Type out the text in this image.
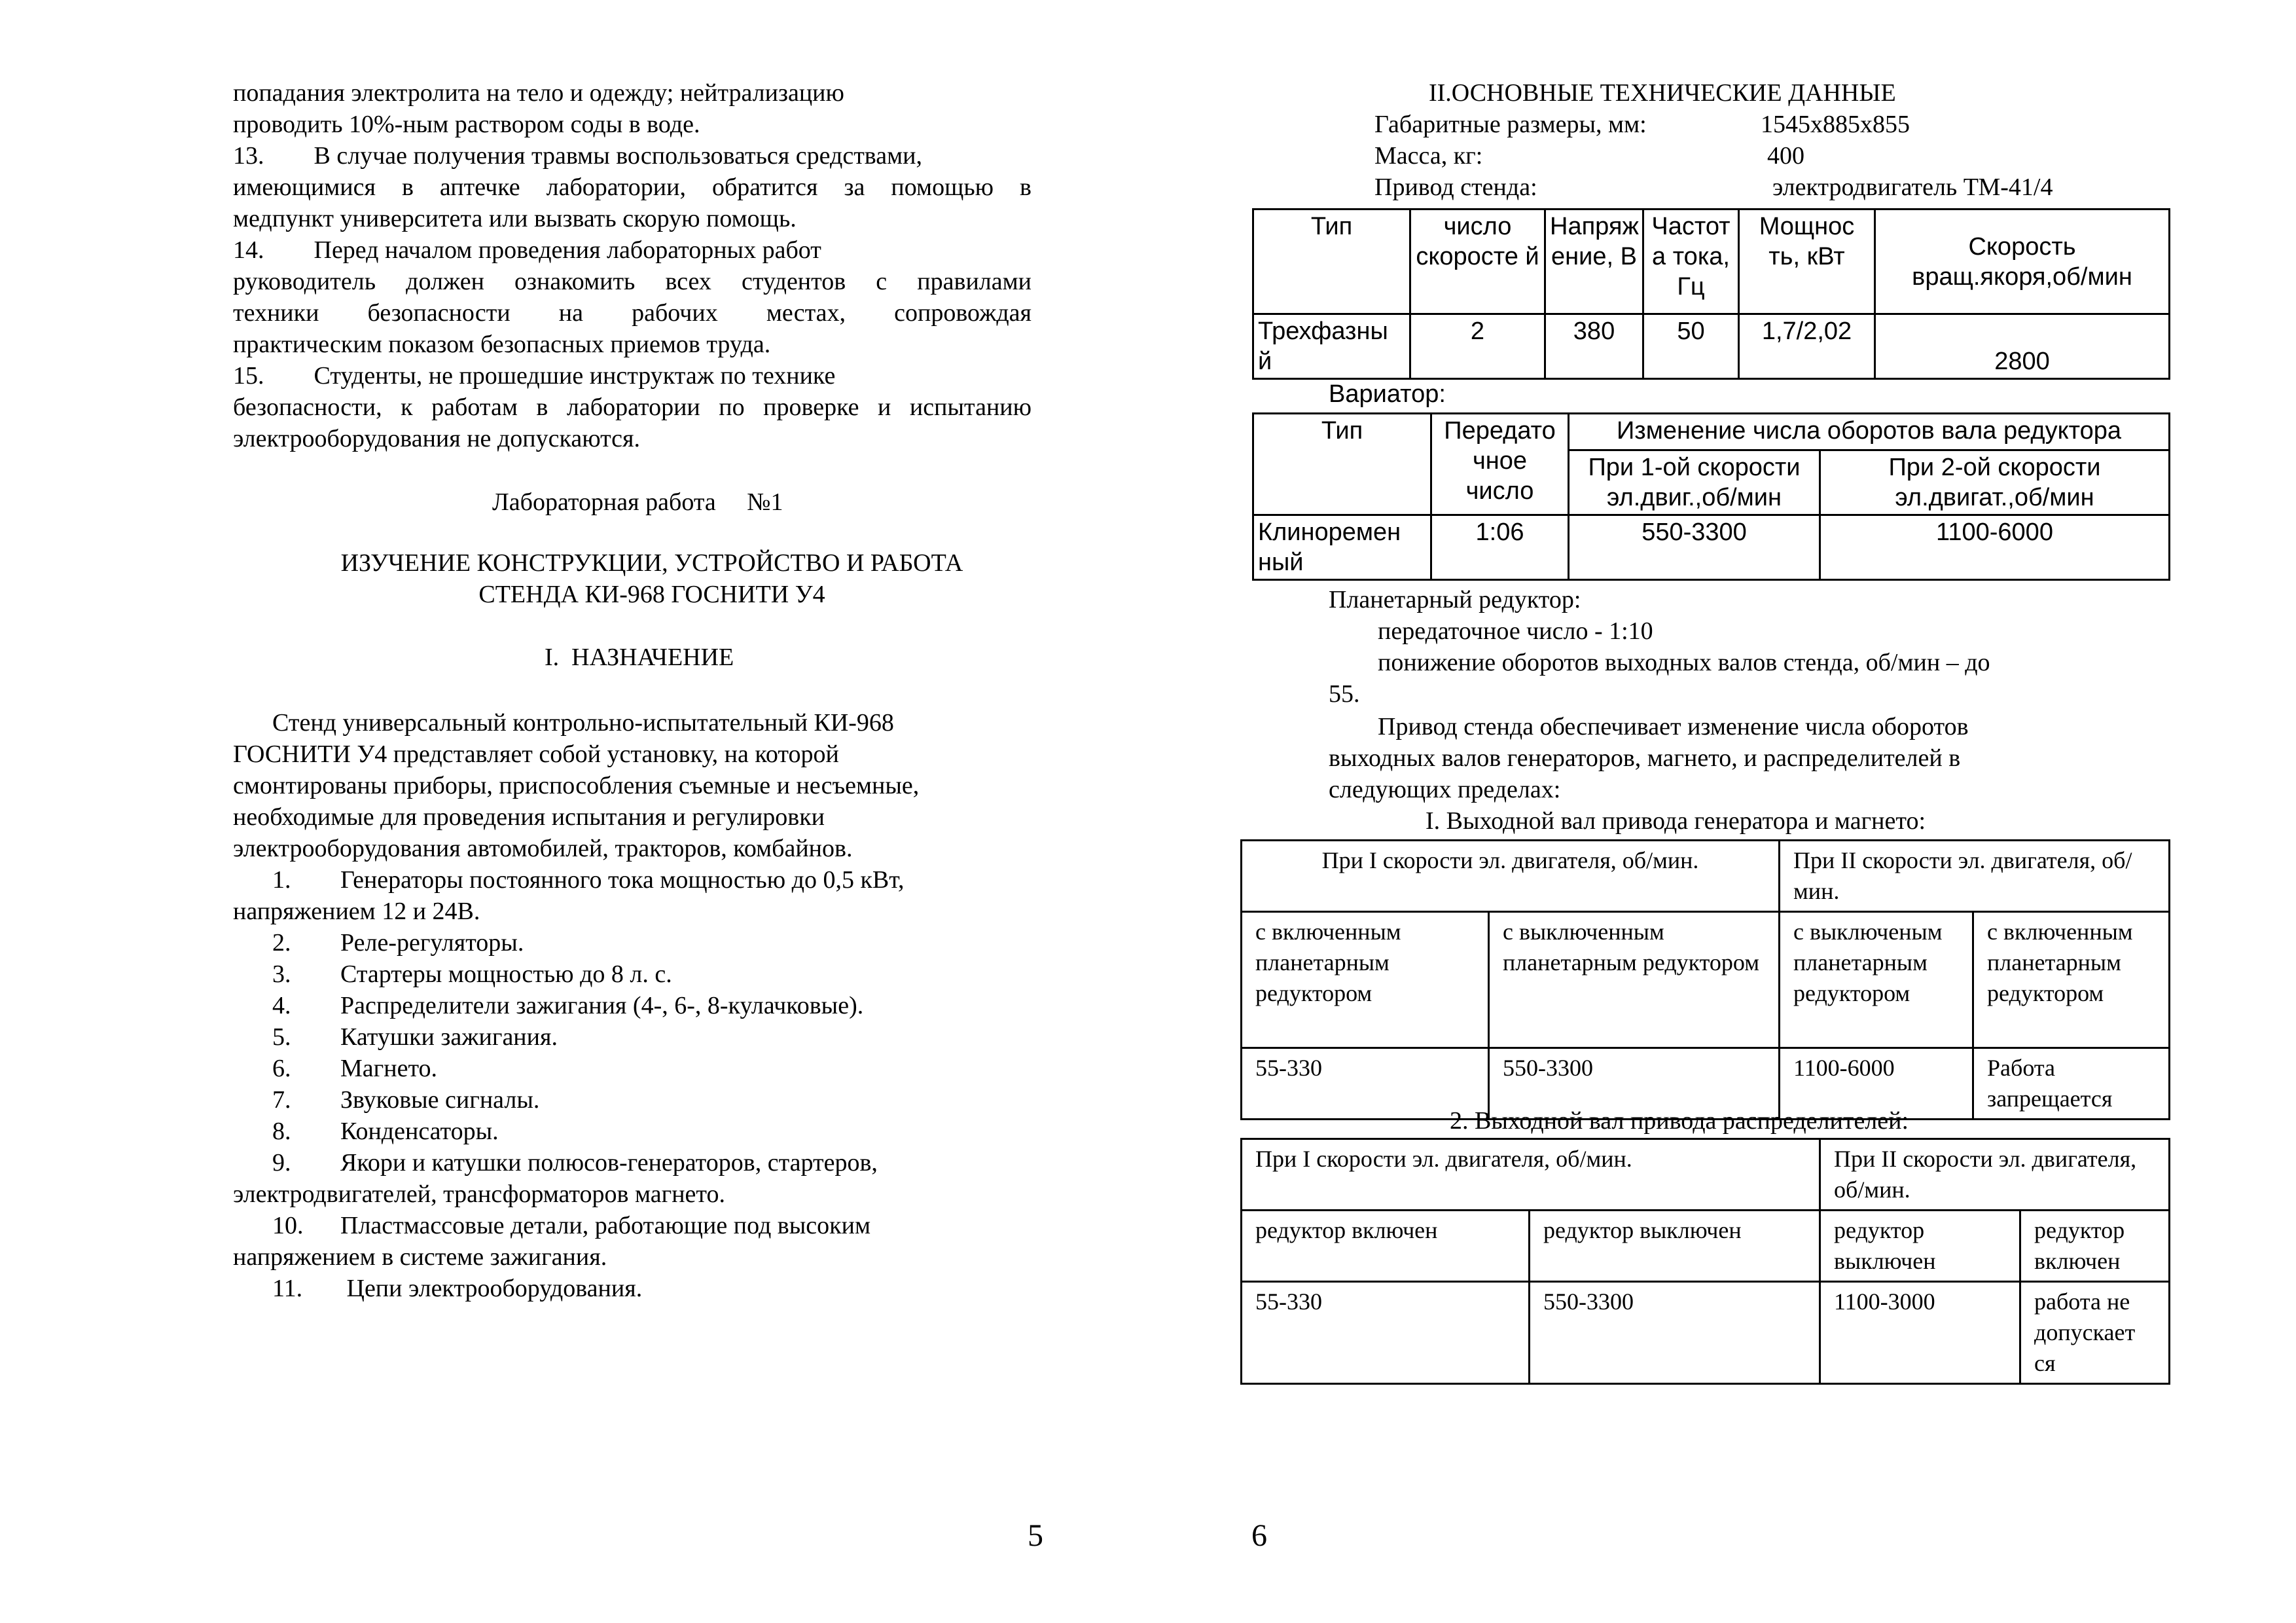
попадания электролита на тело и одежду; нейтрализацию
проводить 10%-ным раствором соды в воде.
13.        В случае получения травмы воспользоваться средствами,
имеющимися в аптечке лаборатории, обратится за помощью в
медпункт университета или вызвать скорую помощь.
14.        Перед началом проведения лабораторных работ
руководитель должен ознакомить всех студентов с правилами
техники безопасности на рабочих местах, сопровождая
практическим показом безопасных приемов труда.
15.        Студенты, не прошедшие инструктаж по технике
безопасности, к работам в лаборатории по проверке и испытанию
электрооборудования не допускаются.
Лабораторная работа     №1
ИЗУЧЕНИЕ КОНСТРУКЦИИ, УСТРОЙСТВО И РАБОТА
СТЕНДА КИ-968 ГОСНИТИ У4
I.  НАЗНАЧЕНИЕ
Стенд универсальный контрольно-испытательный КИ-968
ГОСНИТИ У4 представляет собой установку, на которой
смонтированы приборы, приспособления съемные и несъемные,
необходимые для проведения испытания и регулировки
электрооборудования автомобилей, тракторов, комбайнов.
1. Генераторы постоянного тока мощностью до 0,5 кВт,
напряжением 12 и 24В.
2. Реле-регуляторы.
3. Стартеры мощностью до 8 л. с.
4. Распределители зажигания (4-, 6-, 8-кулачковые).
5. Катушки зажигания.
6. Магнето.
7. Звуковые сигналы.
8. Конденсаторы.
9. Якори и катушки полюсов-генераторов, стартеров,
электродвигателей, трансформаторов магнето.
10. Пластмассовые детали, работающие под высоким
напряжением в системе зажигания.
11. Цепи электрооборудования.
5
II.ОСНОВНЫЕ ТЕХНИЧЕСКИЕ ДАННЫЕ
Габаритные размеры, мм:	1545х885х855
Масса, кг:	400
Привод стенда:	электродвигатель ТМ-41/4
Тип	число скоросте й	Напряж ение, В	Частот а тока, Гц	Мощнос ть, кВт	Скорость вращ.якоря,об/мин
Трехфазны й	2	380	50	1,7/2,02	2800
Вариатор:
Тип	Передато чное число	Изменение числа оборотов вала редуктора	
		При 1-ой скорости эл.двиг.,об/мин	При 2-ой скорости эл.двигат.,об/мин
Клиноремен ный	1:06	550-3300	1100-6000
Планетарный редуктор:
передаточное число - 1:10
понижение оборотов выходных валов стенда, об/мин – до
55.
Привод стенда обеспечивает изменение числа оборотов
выходных валов генераторов, магнето, и распределителей в
следующих пределах:
I. Выходной вал привода генератора и магнето:
При I скорости эл. двигателя, об/мин.		При II скорости эл. двигателя, об/мин.	
с включенным планетарным редуктором	с выключенным планетарным редуктором	с выключеным планетарным редуктором	с включенным планетарным редуктором
55-330	550-3300	1100-6000	Работа запрещается
2. Выходной вал привода распределителей:
При I скорости эл. двигателя, об/мин.		При II скорости эл. двигателя, об/мин.	
редуктор включен	редуктор выключен	редуктор выключен	редуктор включен
55-330	550-3300	1100-3000	работа не допускает ся
6
